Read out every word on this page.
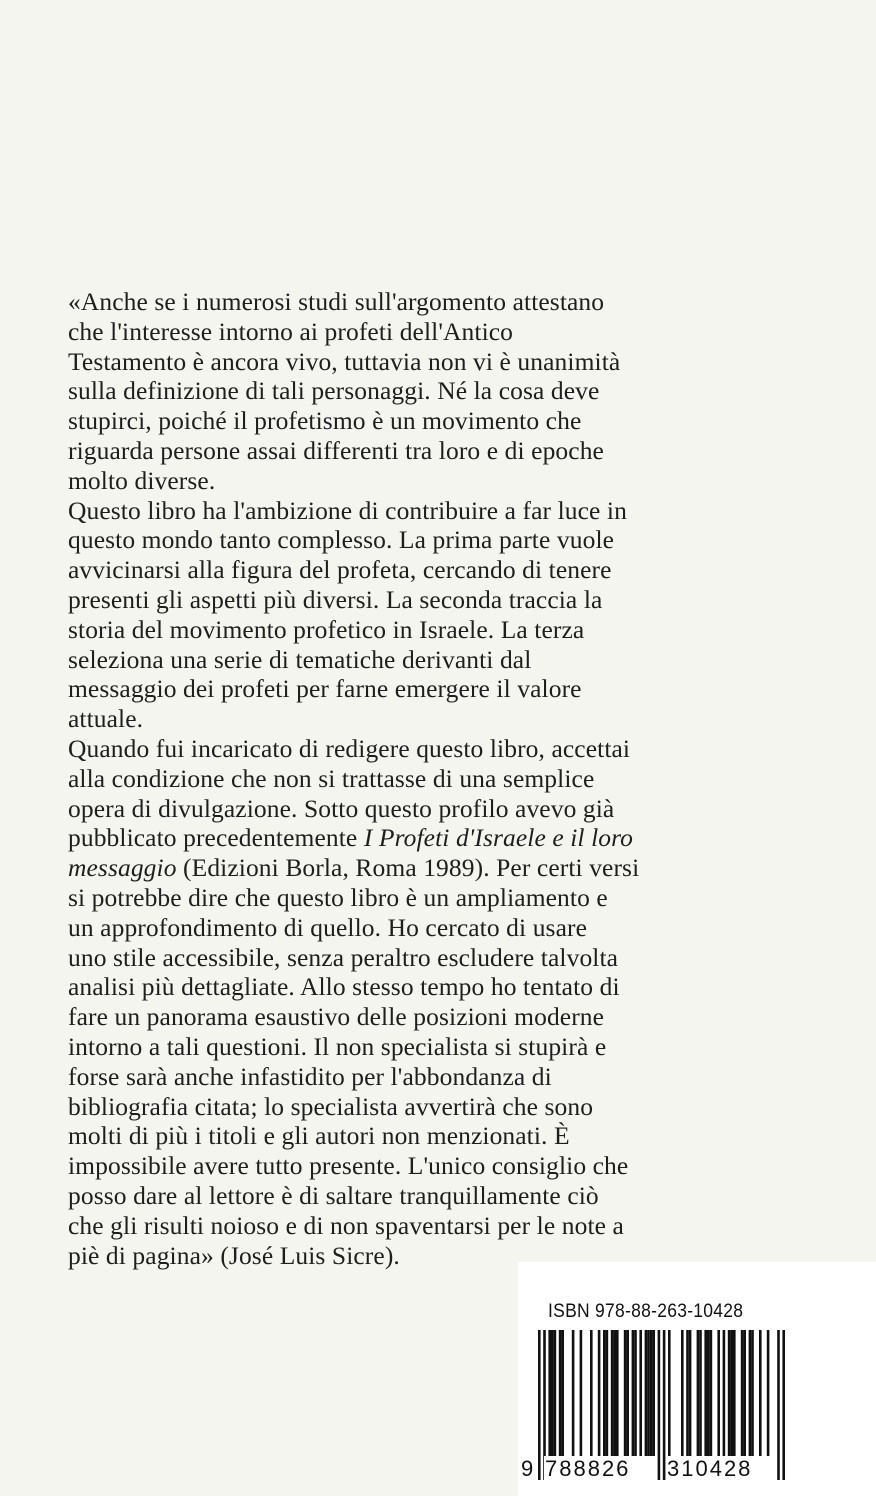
«Anche se i numerosi studi sull'argomento attestano
che l'interesse intorno ai profeti dell'Antico
Testamento è ancora vivo, tuttavia non vi è unanimità
sulla definizione di tali personaggi. Né la cosa deve
stupirci, poiché il profetismo è un movimento che
riguarda persone assai differenti tra loro e di epoche
molto diverse.
Questo libro ha l'ambizione di contribuire a far luce in
questo mondo tanto complesso. La prima parte vuole
avvicinarsi alla figura del profeta, cercando di tenere
presenti gli aspetti più diversi. La seconda traccia la
storia del movimento profetico in Israele. La terza
seleziona una serie di tematiche derivanti dal
messaggio dei profeti per farne emergere il valore
attuale.
Quando fui incaricato di redigere questo libro, accettai
alla condizione che non si trattasse di una semplice
opera di divulgazione. Sotto questo profilo avevo già
pubblicato precedentemente I Profeti d'Israele e il loro
messaggio (Edizioni Borla, Roma 1989). Per certi versi
si potrebbe dire che questo libro è un ampliamento e
un approfondimento di quello. Ho cercato di usare
uno stile accessibile, senza peraltro escludere talvolta
analisi più dettagliate. Allo stesso tempo ho tentato di
fare un panorama esaustivo delle posizioni moderne
intorno a tali questioni. Il non specialista si stupirà e
forse sarà anche infastidito per l'abbondanza di
bibliografia citata; lo specialista avvertirà che sono
molti di più i titoli e gli autori non menzionati. È
impossibile avere tutto presente. L'unico consiglio che
posso dare al lettore è di saltare tranquillamente ciò
che gli risulti noioso e di non spaventarsi per le note a
piè di pagina» (José Luis Sicre).
ISBN 978-88-263-10428
9 788826 310428
